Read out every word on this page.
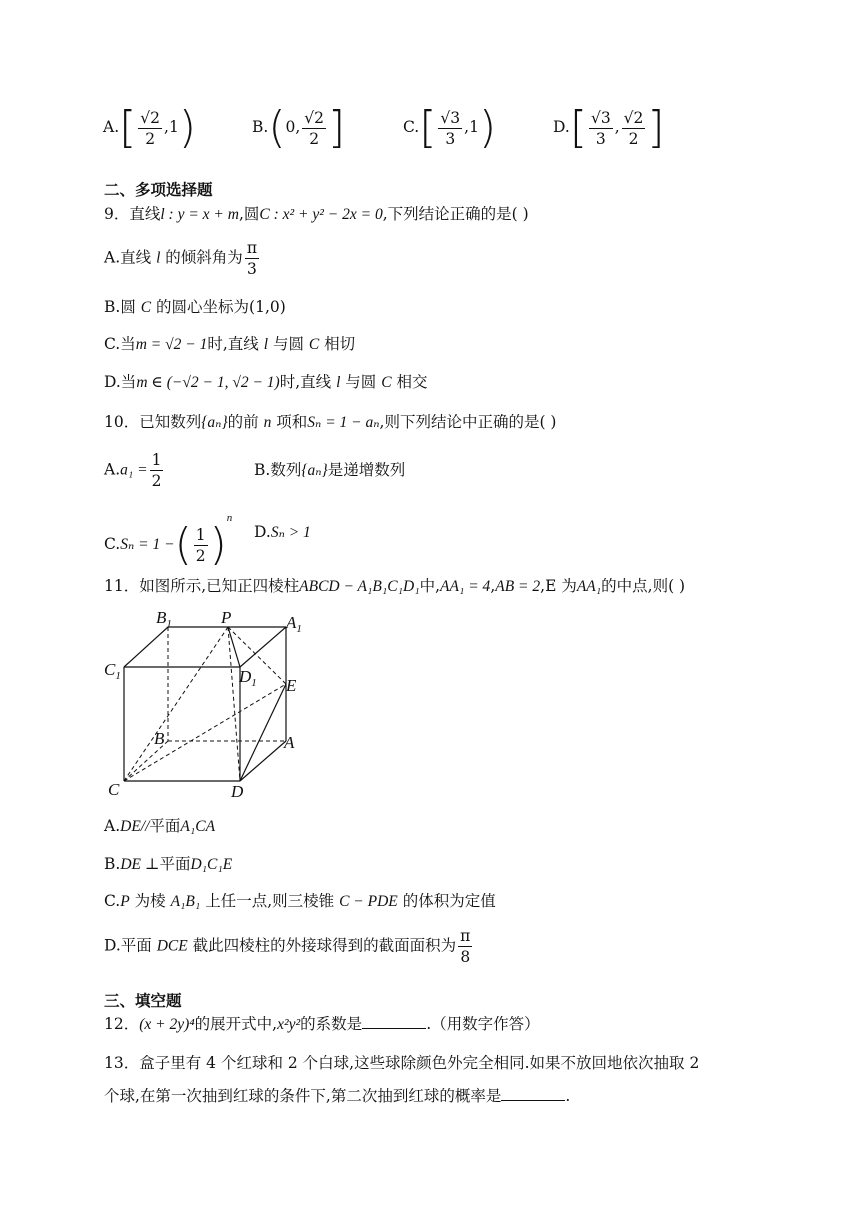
$A.[ \frac{√2}{2} ,1)$	B.(0, $\frac{√2}{2}$ ]	$C.[ \frac{√3}{3} ,1)$	$D.[ \frac{√3}{3}$ , $\frac{√2}{2}$ ]
二、多项选择题
9．直线l : y = x + m,圆C : x² + y² − 2x = 0,下列结论正确的是( )
A.直线 l 的倾斜角为 $\frac{\pi}{3}$
B.圆 C 的圆心坐标为(1,0)
C.当m = √2 − 1时,直线 l 与圆 C 相切
D.当m ∈ (−√2 − 1, √2 − 1)时,直线 l 与圆 C 相交
10．已知数列{aₙ}的前 n 项和Sₙ = 1 − aₙ,则下列结论中正确的是( )
$A.a_1 = \frac{1}{2}$	B.数列{aₙ}是递增数列
C.Sₙ = 1 −( $\frac{1}{2} )^n$
D.Sₙ > 1
11．如图所示,已知正四棱柱ABCD − A₁B₁C₁D₁中,AA₁ = 4,AB = 2,E 为AA₁的中点,则( )
$B_1$	P	$A_1$
$C_1$	$D_1$ E
B	A
C	D
A.DE//平面A₁CA
B.DE ⊥平面D₁C₁E
C.P 为棱 A₁B₁ 上任一点,则三棱锥 C − PDE 的体积为定值
D.平面 DCE 截此四棱柱的外接球得到的截面面积为 $\frac{\pi}{8}$
三、填空题
12．(x + 2y)⁴的展开式中,x²y²的系数是	.（用数字作答）
13．盒子里有 4 个红球和 2 个白球,这些球除颜色外完全相同.如果不放回地依次抽取 2
个球,在第一次抽到红球的条件下,第二次抽到红球的概率是	.
